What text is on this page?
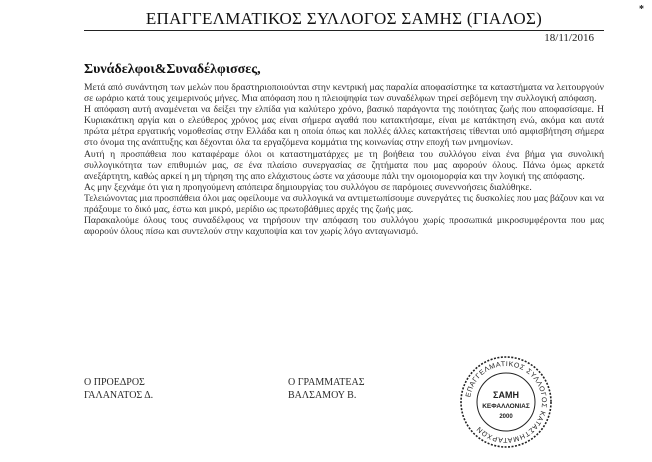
*
ΕΠΑΓΓΕΛΜΑΤΙΚΟΣ ΣΥΛΛΟΓΟΣ ΣΑΜΗΣ (ΓΙΑΛΟΣ)
18/11/2016
Συνάδελφοι&Συναδέλφισσες,

Μετά από συνάντηση των μελών που δραστηριοποιούνται στην κεντρική μας παραλία αποφασίστηκε τα καταστήματα να λειτουργούν σε ωράριο κατά τους χειμερινούς μήνες. Μια απόφαση που η πλειοψηφία των συναδέλφων τηρεί σεβόμενη την συλλογική απόφαση.

Η απόφαση αυτή αναμένεται να δείξει την ελπίδα για καλύτερο χρόνο, βασικό παράγοντα της ποιότητας ζωής που αποφασίσαμε. Η Κυριακάτικη αργία και ο ελεύθερος χρόνος μας είναι σήμερα αγαθά που κατακτήσαμε, είναι με κατάκτηση ενώ, ακόμα και αυτά πρώτα μέτρα εργατικής νομοθεσίας στην Ελλάδα και η οποία όπως και πολλές άλλες κατακτήσεις τίθενται υπό αμφισβήτηση σήμερα στο όνομα της ανάπτυξης και δέχονται όλα τα εργαζόμενα κομμάτια της κοινωνίας στην εποχή των μνημονίων.

Αυτή η προσπάθεια που καταφέραμε όλοι οι καταστηματάρχες με τη βοήθεια του συλλόγου είναι ένα βήμα για συνολική συλλογικότητα των επιθυμιών μας, σε ένα πλαίσιο συνεργασίας σε ζητήματα που μας αφορούν όλους. Πάνω όμως αρκετά ανεξάρτητη, καθώς αρκεί η μη τήρηση της απο ελάχιστους ώστε να χάσουμε πάλι την ομοιομορφία και την λογική της απόφασης.

Ας μην ξεχνάμε ότι για η προηγούμενη απόπειρα δημιουργίας του συλλόγου σε παρόμοιες συνεννοήσεις διαλύθηκε.

Τελειώνοντας μια προσπάθεια όλοι μας οφείλουμε να συλλογικά να αντιμετωπίσουμε συνεργάτες τις δυσκολίες που μας βάζουν και να πράξουμε το δικό μας, έστω και μικρό, μερίδιο ως πρωτοβάθμιες αρχές της ζωής μας.

Παρακαλούμε όλους τους συναδέλφους να τηρήσουν την απόφαση του συλλόγου χωρίς προσωπικά μικροσυμφέροντα που μας αφορούν όλους πίσω και συντελούν στην καχυποψία και τον χωρίς λόγο ανταγωνισμό.

Ο ΠΡΟΕΔΡΟΣ
ΓΑΛΑΝΑΤΟΣ Δ.
Ο ΓΡΑΜΜΑΤΕΑΣ
ΒΑΛΣΑΜΟΥ Β.	ΕΠΑΓΓΕΛΜΑΤΙΚΟΣ ΣΥΛΛΟΓΟΣ ΚΑΤΑΣΤΗΜΑΤΑΡΧΩΝ
ΣΑΜΗ
ΚΕΦΑΛΛΟΝΙΑΣ
2000
